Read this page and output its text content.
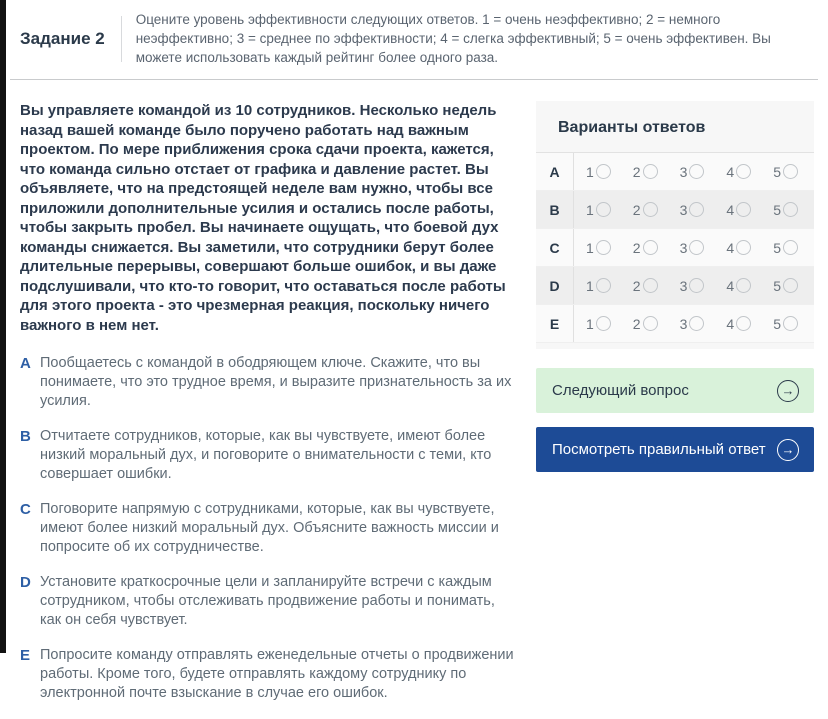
Задание 2
Оцените уровень эффективности следующих ответов. 1 = очень неэффективно; 2 = немного неэффективно; 3 = среднее по эффективности; 4 = слегка эффективный; 5 = очень эффективен. Вы можете использовать каждый рейтинг более одного раза.
Вы управляете командой из 10 сотрудников. Несколько недель назад вашей команде было поручено работать над важным проектом. По мере приближения срока сдачи проекта, кажется, что команда сильно отстает от графика и давление растет. Вы объявляете, что на предстоящей неделе вам нужно, чтобы все приложили дополнительные усилия и остались после работы, чтобы закрыть пробел. Вы начинаете ощущать, что боевой дух команды снижается. Вы заметили, что сотрудники берут более длительные перерывы, совершают больше ошибок, и вы даже подслушивали, что кто-то говорит, что оставаться после работы для этого проекта - это чрезмерная реакция, поскольку ничего важного в нем нет.
A Пообщаетесь с командой в ободряющем ключе. Скажите, что вы понимаете, что это трудное время, и выразите признательность за их усилия.
B Отчитаете сотрудников, которые, как вы чувствуете, имеют более низкий моральный дух, и поговорите о внимательности с теми, кто совершает ошибки.
C Поговорите напрямую с сотрудниками, которые, как вы чувствуете, имеют более низкий моральный дух. Объясните важность миссии и попросите об их сотрудничестве.
D Установите краткосрочные цели и запланируйте встречи с каждым сотрудником, чтобы отслеживать продвижение работы и понимать, как он себя чувствует.
E Попросите команду отправлять еженедельные отчеты о продвижении работы. Кроме того, будете отправлять каждому сотруднику по электронной почте взыскание в случае его ошибок.
Варианты ответов
A	1	2	3	4	5
B	1	2	3	4	5
C	1	2	3	4	5
D	1	2	3	4	5
E	1	2	3	4	5
Следующий вопрос	→
Посмотреть правильный ответ	→
